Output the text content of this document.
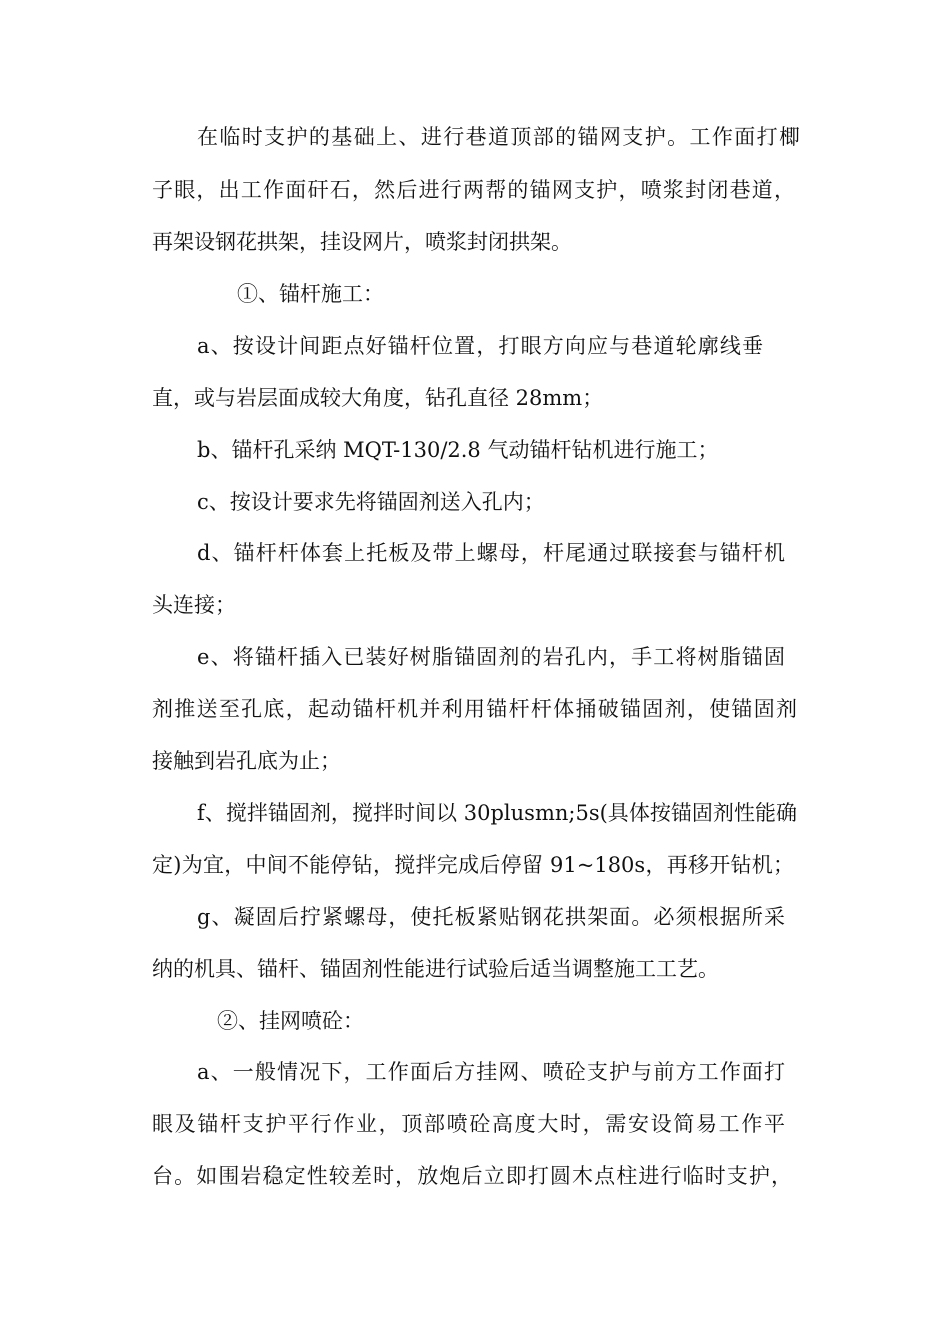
在临时支护的基础上、进行巷道顶部的锚网支护。工作面打楖
子眼，出工作面矸石，然后进行两帮的锚网支护，喷浆封闭巷道，
再架设钢花拱架，挂设网片，喷浆封闭拱架。
①、锚杆施工：
a、按设计间距点好锚杆位置，打眼方向应与巷道轮廓线垂
直，或与岩层面成较大角度，钻孔直径 28mm；
b、锚杆孔采纳 MQT-130/2.8 气动锚杆钻机进行施工；
c、按设计要求先将锚固剂送入孔内；
d、锚杆杆体套上托板及带上螺母，杆尾通过联接套与锚杆机
头连接；
e、将锚杆插入已装好树脂锚固剂的岩孔内，手工将树脂锚固
剂推送至孔底，起动锚杆机并利用锚杆杆体捅破锚固剂，使锚固剂
接触到岩孔底为止；
f、搅拌锚固剂，搅拌时间以 30plusmn;5s(具体按锚固剂性能确
定)为宜，中间不能停钻，搅拌完成后停留 91~180s，再移开钻机；
g、凝固后拧紧螺母，使托板紧贴钢花拱架面。必须根据所采
纳的机具、锚杆、锚固剂性能进行试验后适当调整施工工艺。
②、挂网喷砼：
a、一般情况下，工作面后方挂网、喷砼支护与前方工作面打
眼及锚杆支护平行作业，顶部喷砼高度大时，需安设简易工作平
台。如围岩稳定性较差时，放炮后立即打圆木点柱进行临时支护，
